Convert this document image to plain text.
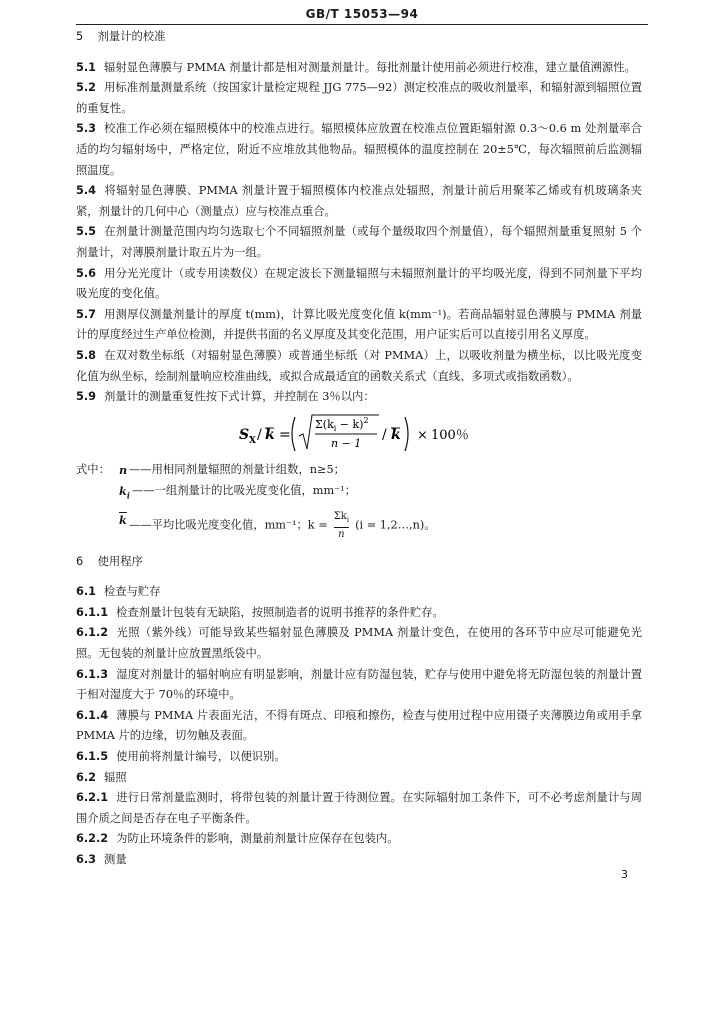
GB/T 15053—94
5 剂量计的校准
5.1 辐射显色薄膜与 PMMA 剂量计都是相对测量剂量计。每批剂量计使用前必须进行校准，建立量值溯源性。
5.2 用标准剂量测量系统（按国家计量检定规程 JJG 775—92）测定校准点的吸收剂量率，和辐射源到辐照位置的重复性。
5.3 校准工作必须在辐照模体中的校准点进行。辐照模体应放置在校准点位置距辐射源 0.3～0.6 m 处剂量率合适的均匀辐射场中，严格定位，附近不应堆放其他物品。辐照模体的温度控制在 20±5℃，每次辐照前后监测辐照温度。
5.4 将辐射显色薄膜、PMMA 剂量计置于辐照模体内校准点处辐照，剂量计前后用聚苯乙烯或有机玻璃条夹紧，剂量计的几何中心（测量点）应与校准点重合。
5.5 在剂量计测量范围内均匀选取七个不同辐照剂量（或每个量级取四个剂量值），每个辐照剂量重复照射 5 个剂量计，对薄膜剂量计取五片为一组。
5.6 用分光光度计（或专用读数仪）在规定波长下测量辐照与未辐照剂量计的平均吸光度，得到不同剂量下平均吸光度的变化值。
5.7 用测厚仪测量剂量计的厚度 t(mm)，计算比吸光度变化值 k(mm⁻¹)。若商品辐射显色薄膜与 PMMA 剂量计的厚度经过生产单位检测，并提供书面的名义厚度及其变化范围，用户证实后可以直接引用名义厚度。
5.8 在双对数坐标纸（对辐射显色薄膜）或普通坐标纸（对 PMMA）上，以吸收剂量为横坐标，以比吸光度变化值为纵坐标，绘制剂量响应校准曲线，或拟合成最适宜的函数关系式（直线、多项式或指数函数）。
5.9 剂量计的测量重复性按下式计算，并控制在 3％以内：
S X / k =
$\Sigma(k_i - k)^2$
n − 1
/ k × 100％
式中： n ——用相同剂量辐照的剂量计组数，n≥5；
$k_i$ ——一组剂量计的比吸光度变化值，mm⁻¹；
$\overline{k}$ ——平均比吸光度变化值，mm⁻¹；k =
$\Sigma k_i$
n
(i = 1,2…,n)。
6 使用程序
6.1 检查与贮存
6.1.1 检查剂量计包装有无缺陷，按照制造者的说明书推荐的条件贮存。
6.1.2 光照（紫外线）可能导致某些辐射显色薄膜及 PMMA 剂量计变色，在使用的各环节中应尽可能避免光照。无包装的剂量计应放置黑纸袋中。
6.1.3 湿度对剂量计的辐射响应有明显影响，剂量计应有防湿包装，贮存与使用中避免将无防湿包装的剂量计置于相对湿度大于 70％的环境中。
6.1.4 薄膜与 PMMA 片表面光洁，不得有斑点、印痕和擦伤，检查与使用过程中应用镊子夹薄膜边角或用手拿 PMMA 片的边缘，切勿触及表面。
6.1.5 使用前将剂量计编号，以便识别。
6.2 辐照
6.2.1 进行日常剂量监测时，将带包装的剂量计置于待测位置。在实际辐射加工条件下，可不必考虑剂量计与周围介质之间是否存在电子平衡条件。
6.2.2 为防止环境条件的影响，测量前剂量计应保存在包装内。
6.3 测量
3
